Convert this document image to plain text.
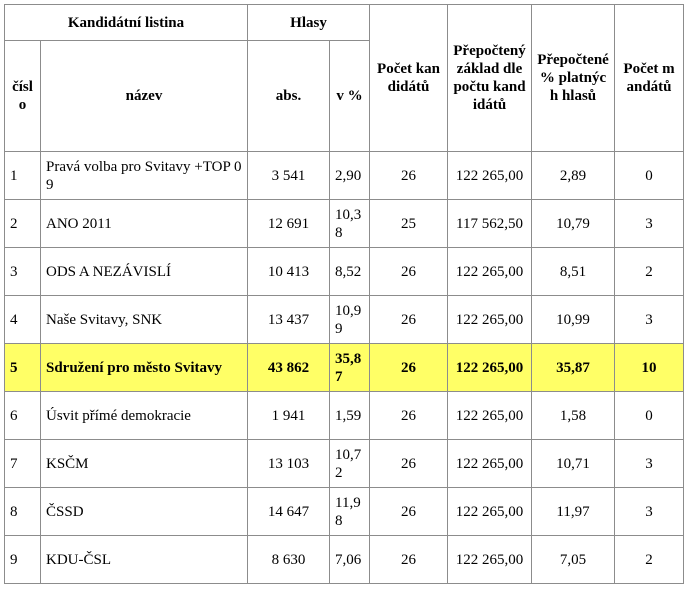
Kandidátní listina		Hlasy		Počet kandidátů	Přepočtený základ dle počtu kandidátů	Přepočtené % platných hlasů	Počet mandátů
číslo	název	abs.	v %				
1	Pravá volba pro Svitavy +TOP 09	3 541	2,90	26	122 265,00	2,89	0
2	ANO 2011	12 691	10,38	25	117 562,50	10,79	3
3	ODS A NEZÁVISLÍ	10 413	8,52	26	122 265,00	8,51	2
4	Naše Svitavy, SNK	13 437	10,99	26	122 265,00	10,99	3
5	Sdružení pro město Svitavy	43 862	35,87	26	122 265,00	35,87	10
6	Úsvit přímé demokracie	1 941	1,59	26	122 265,00	1,58	0
7	KSČM	13 103	10,72	26	122 265,00	10,71	3
8	ČSSD	14 647	11,98	26	122 265,00	11,97	3
9	KDU-ČSL	8 630	7,06	26	122 265,00	7,05	2
